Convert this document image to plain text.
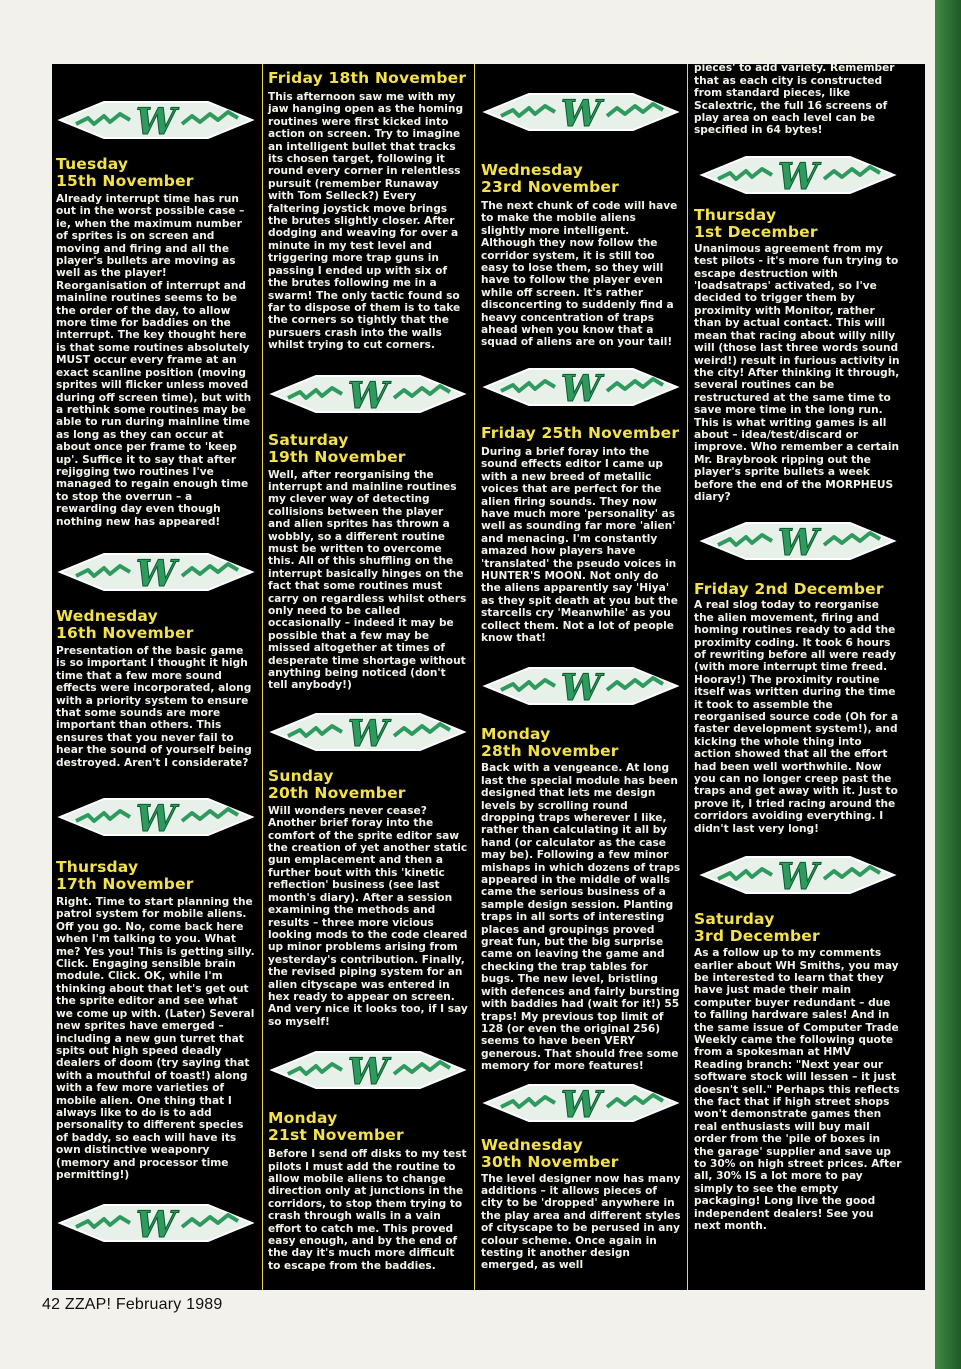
W
Tuesday
15th November

Already interrupt time has run out in the worst possible case – ie, when the maximum number of sprites is on screen and moving and firing and all the player's bullets are moving as well as the player! Reorganisation of interrupt and mainline routines seems to be the order of the day, to allow more time for baddies on the interrupt. The key thought here is that some routines absolutely MUST occur every frame at an exact scanline position (moving sprites will flicker unless moved during off screen time), but with a rethink some routines may be able to run during mainline time as long as they can occur at about once per frame to 'keep up'. Suffice it to say that after rejigging two routines I've managed to regain enough time to stop the overrun – a rewarding day even though nothing new has appeared!

W
Wednesday
16th November

Presentation of the basic game is so important I thought it high time that a few more sound effects were incorporated, along with a priority system to ensure that some sounds are more important than others. This ensures that you never fail to hear the sound of yourself being destroyed. Aren't I considerate?

W
Thursday
17th November

Right. Time to start planning the patrol system for mobile aliens. Off you go. No, come back here when I'm talking to you. What me? Yes you! This is getting silly. Click. Engaging sensible brain module. Click. OK, while I'm thinking about that let's get out the sprite editor and see what we come up with. (Later) Several new sprites have emerged – including a new gun turret that spits out high speed deadly dealers of doom (try saying that with a mouthful of toast!) along with a few more varieties of mobile alien. One thing that I always like to do is to add personality to different species of baddy, so each will have its own distinctive weaponry (memory and processor time permitting!)

W
Friday 18th November

This afternoon saw me with my jaw hanging open as the homing routines were first kicked into action on screen. Try to imagine an intelligent bullet that tracks its chosen target, following it round every corner in relentless pursuit (remember Runaway with Tom Selleck?) Every faltering joystick move brings the brutes slightly closer. After dodging and weaving for over a minute in my test level and triggering more trap guns in passing I ended up with six of the brutes following me in a swarm! The only tactic found so far to dispose of them is to take the corners so tightly that the pursuers crash into the walls whilst trying to cut corners.

W
Saturday
19th November

Well, after reorganising the interrupt and mainline routines my clever way of detecting collisions between the player and alien sprites has thrown a wobbly, so a different routine must be written to overcome this. All of this shuffling on the interrupt basically hinges on the fact that some routines must carry on regardless whilst others only need to be called occasionally – indeed it may be possible that a few may be missed altogether at times of desperate time shortage without anything being noticed (don't tell anybody!)

W
Sunday
20th November

Will wonders never cease? Another brief foray into the comfort of the sprite editor saw the creation of yet another static gun emplacement and then a further bout with this 'kinetic reflection' business (see last month's diary). After a session examining the methods and results – three more vicious looking mods to the code cleared up minor problems arising from yesterday's contribution. Finally, the revised piping system for an alien cityscape was entered in hex ready to appear on screen. And very nice it looks too, if I say so myself!

W
Monday
21st November

Before I send off disks to my test pilots I must add the routine to allow mobile aliens to change direction only at junctions in the corridors, to stop them trying to crash through walls in a vain effort to catch me. This proved easy enough, and by the end of the day it's much more difficult to escape from the baddies.

W
Wednesday
23rd November

The next chunk of code will have to make the mobile aliens slightly more intelligent. Although they now follow the corridor system, it is still too easy to lose them, so they will have to follow the player even while off screen. It's rather disconcerting to suddenly find a heavy concentration of traps ahead when you know that a squad of aliens are on your tail!

W
Friday 25th November

During a brief foray into the sound effects editor I came up with a new breed of metallic voices that are perfect for the alien firing sounds. They now have much more 'personality' as well as sounding far more 'alien' and menacing. I'm constantly amazed how players have 'translated' the pseudo voices in HUNTER'S MOON. Not only do the aliens apparently say 'Hiya' as they spit death at you but the starcells cry 'Meanwhile' as you collect them. Not a lot of people know that!

W
Monday
28th November

Back with a vengeance. At long last the special module has been designed that lets me design levels by scrolling round dropping traps wherever I like, rather than calculating it all by hand (or calculator as the case may be). Following a few minor mishaps in which dozens of traps appeared in the middle of walls came the serious business of a sample design session. Planting traps in all sorts of interesting places and groupings proved great fun, but the big surprise came on leaving the game and checking the trap tables for bugs. The new level, bristling with defences and fairly bursting with baddies had (wait for it!) 55 traps! My previous top limit of 128 (or even the original 256) seems to have been VERY generous. That should free some memory for more features!

W
Wednesday
30th November

The level designer now has many additions – it allows pieces of city to be 'dropped' anywhere in the play area and different styles of cityscape to be perused in any colour scheme. Once again in testing it another design emerged, as well

as some ideas for extra 'city pieces' to add variety. Remember that as each city is constructed from standard pieces, like Scalextric, the full 16 screens of play area on each level can be specified in 64 bytes!

W
Thursday
1st December

Unanimous agreement from my test pilots - it's more fun trying to escape destruction with 'loadsatraps' activated, so I've decided to trigger them by proximity with Monitor, rather than by actual contact. This will mean that racing about willy nilly will (those last three words sound weird!) result in furious activity in the city! After thinking it through, several routines can be restructured at the same time to save more time in the long run. This is what writing games is all about – idea/test/discard or improve. Who remember a certain Mr. Braybrook ripping out the player's sprite bullets a week before the end of the MORPHEUS diary?

W
Friday 2nd December

A real slog today to reorganise the alien movement, firing and homing routines ready to add the proximity coding. It took 6 hours of rewriting before all were ready (with more interrupt time freed. Hooray!) The proximity routine itself was written during the time it took to assemble the reorganised source code (Oh for a faster development system!), and kicking the whole thing into action showed that all the effort had been well worthwhile. Now you can no longer creep past the traps and get away with it. Just to prove it, I tried racing around the corridors avoiding everything. I didn't last very long!

W
Saturday
3rd December

As a follow up to my comments earlier about WH Smiths, you may be interested to learn that they have just made their main computer buyer redundant – due to falling hardware sales! And in the same issue of Computer Trade Weekly came the following quote from a spokesman at HMV Reading branch: "Next year our software stock will lessen – it just doesn't sell." Perhaps this reflects the fact that if high street shops won't demonstrate games then real enthusiasts will buy mail order from the 'pile of boxes in the garage' supplier and save up to 30% on high street prices. After all, 30% IS a lot more to pay simply to see the empty packaging! Long live the good independent dealers! See you next month.

42 ZZAP! February 1989
